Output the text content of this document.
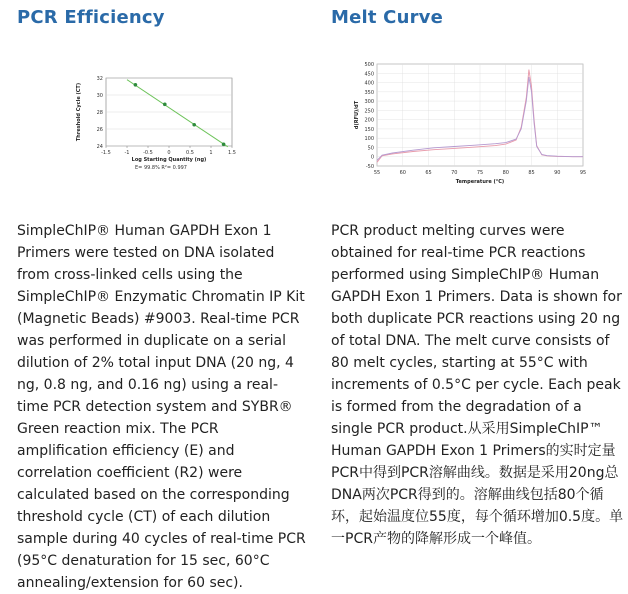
PCR Efficiency
24
26
28
30
32
-1.5	-1	-0.5	0	0.5	1	1.5
Log Starting Quantity (ng)
Threshold Cycle (CT)
E= 99.8% R²= 0.997

SimpleChIP® Human GAPDH Exon 1 Primers were tested on DNA isolated from cross-linked cells using the SimpleChIP® Enzymatic Chromatin IP Kit (Magnetic Beads) #9003. Real-time PCR was performed in duplicate on a serial dilution of 2% total input DNA (20 ng, 4 ng, 0.8 ng, and 0.16 ng) using a real-time PCR detection system and SYBR® Green reaction mix. The PCR amplification efficiency (E) and correlation coefficient (R2) were calculated based on the corresponding threshold cycle (CT) of each dilution sample during 40 cycles of real-time PCR (95°C denaturation for 15 sec, 60°C annealing/extension for 60 sec).

Melt Curve
-50
0
50
100
150
200
250
300
350
400
450
500
55	60	65	70	75	80	85	90	95
Temperature (°C)
d(RFU)/dT

PCR product melting curves were obtained for real-time PCR reactions performed using SimpleChIP® Human GAPDH Exon 1 Primers. Data is shown for both duplicate PCR reactions using 20 ng of total DNA. The melt curve consists of 80 melt cycles, starting at 55°C with increments of 0.5°C per cycle. Each peak is formed from the degradation of a single PCR product.从采用SimpleChIP™ Human GAPDH Exon 1 Primers的实时定量PCR中得到PCR溶解曲线。数据是采用20ng总DNA两次PCR得到的。溶解曲线包括80个循环，起始温度位55度，每个循环增加0.5度。单一PCR产物的降解形成一个峰值。
